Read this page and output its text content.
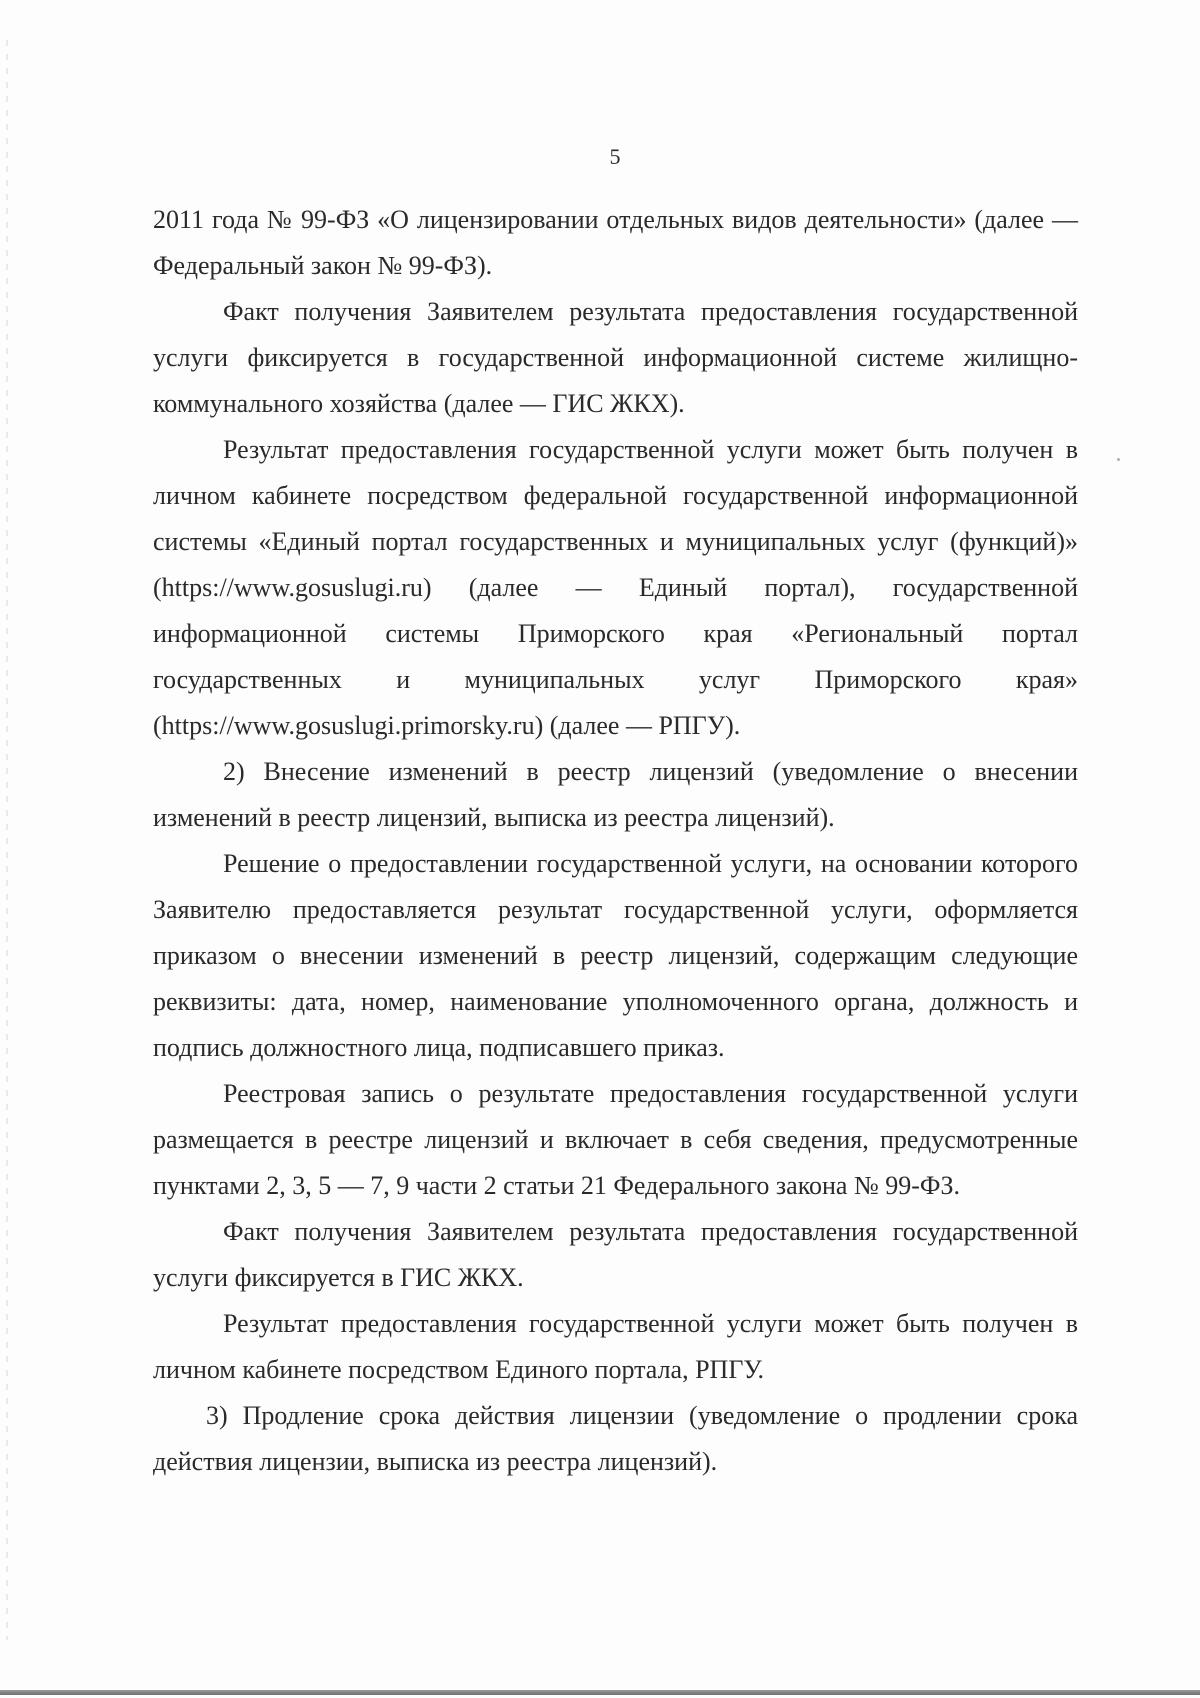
5

2011 года № 99-ФЗ «О лицензировании отдельных видов деятельности» (далее — Федеральный закон № 99-ФЗ).

Факт получения Заявителем результата предоставления государственной услуги фиксируется в государственной информационной системе жилищно-коммунального хозяйства (далее — ГИС ЖКХ).

Результат предоставления государственной услуги может быть получен в личном кабинете посредством федеральной государственной информационной системы «Единый портал государственных и муниципальных услуг (функций)» (https://www.gosuslugi.ru) (далее — Единый портал), государственной информационной системы Приморского края «Региональный портал государственных и муниципальных услуг Приморского края» (https://www.gosuslugi.primorsky.ru) (далее — РПГУ).

2) Внесение изменений в реестр лицензий (уведомление о внесении изменений в реестр лицензий, выписка из реестра лицензий).

Решение о предоставлении государственной услуги, на основании которого Заявителю предоставляется результат государственной услуги, оформляется приказом о внесении изменений в реестр лицензий, содержащим следующие реквизиты: дата, номер, наименование уполномоченного органа, должность и подпись должностного лица, подписавшего приказ.

Реестровая запись о результате предоставления государственной услуги размещается в реестре лицензий и включает в себя сведения, предусмотренные пунктами 2, 3, 5 — 7, 9 части 2 статьи 21 Федерального закона № 99-ФЗ.

Факт получения Заявителем результата предоставления государственной услуги фиксируется в ГИС ЖКХ.

Результат предоставления государственной услуги может быть получен в личном кабинете посредством Единого портала, РПГУ.

3) Продление срока действия лицензии (уведомление о продлении срока действия лицензии, выписка из реестра лицензий).
